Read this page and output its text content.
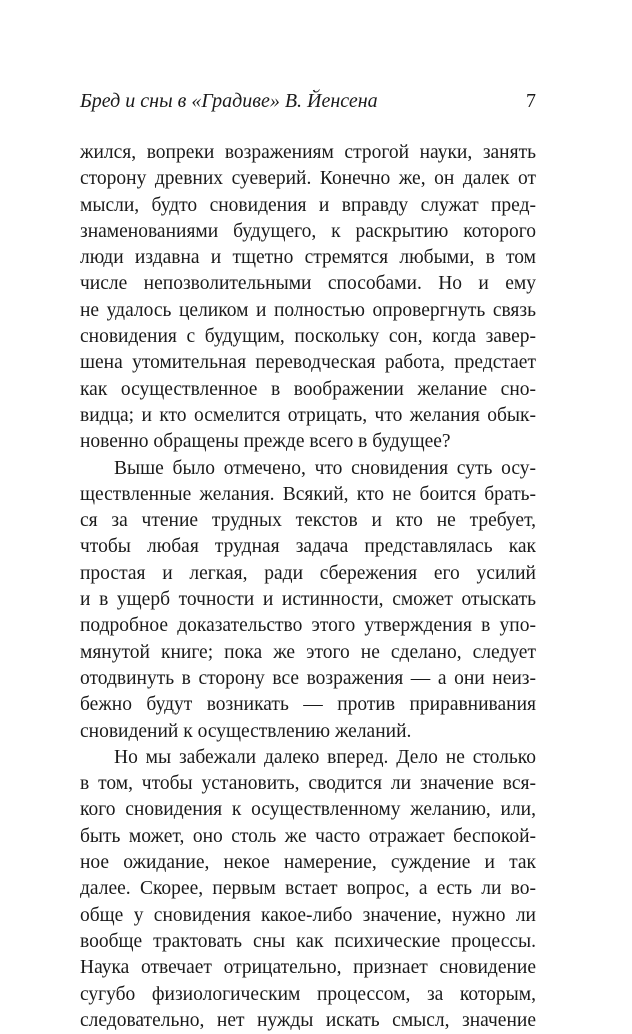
Бред и сны в «Градиве» В. Йенсена	7
жился, вопреки возражениям строгой науки, занять
сторону древних суеверий. Конечно же, он далек от
мысли, будто сновидения и вправду служат пред-
знаменованиями будущего, к раскрытию которого
люди издавна и тщетно стремятся любыми, в том
числе непозволительными способами. Но и ему
не удалось целиком и полностью опровергнуть связь
сновидения с будущим, поскольку сон, когда завер-
шена утомительная переводческая работа, предстает
как осуществленное в воображении желание сно-
видца; и кто осмелится отрицать, что желания обык-
новенно обращены прежде всего в будущее?
Выше было отмечено, что сновидения суть осу-
ществленные желания. Всякий, кто не боится брать-
ся за чтение трудных текстов и кто не требует,
чтобы любая трудная задача представлялась как
простая и легкая, ради сбережения его усилий
и в ущерб точности и истинности, сможет отыскать
подробное доказательство этого утверждения в упо-
мянутой книге; пока же этого не сделано, следует
отодвинуть в сторону все возражения — а они неиз-
бежно будут возникать — против приравнивания
сновидений к осуществлению желаний.
Но мы забежали далеко вперед. Дело не столько
в том, чтобы установить, сводится ли значение вся-
кого сновидения к осуществленному желанию, или,
быть может, оно столь же часто отражает беспокой-
ное ожидание, некое намерение, суждение и так
далее. Скорее, первым встает вопрос, а есть ли во-
обще у сновидения какое-либо значение, нужно ли
вообще трактовать сны как психические процессы.
Наука отвечает отрицательно, признает сновидение
сугубо физиологическим процессом, за которым,
следовательно, нет нужды искать смысл, значение
